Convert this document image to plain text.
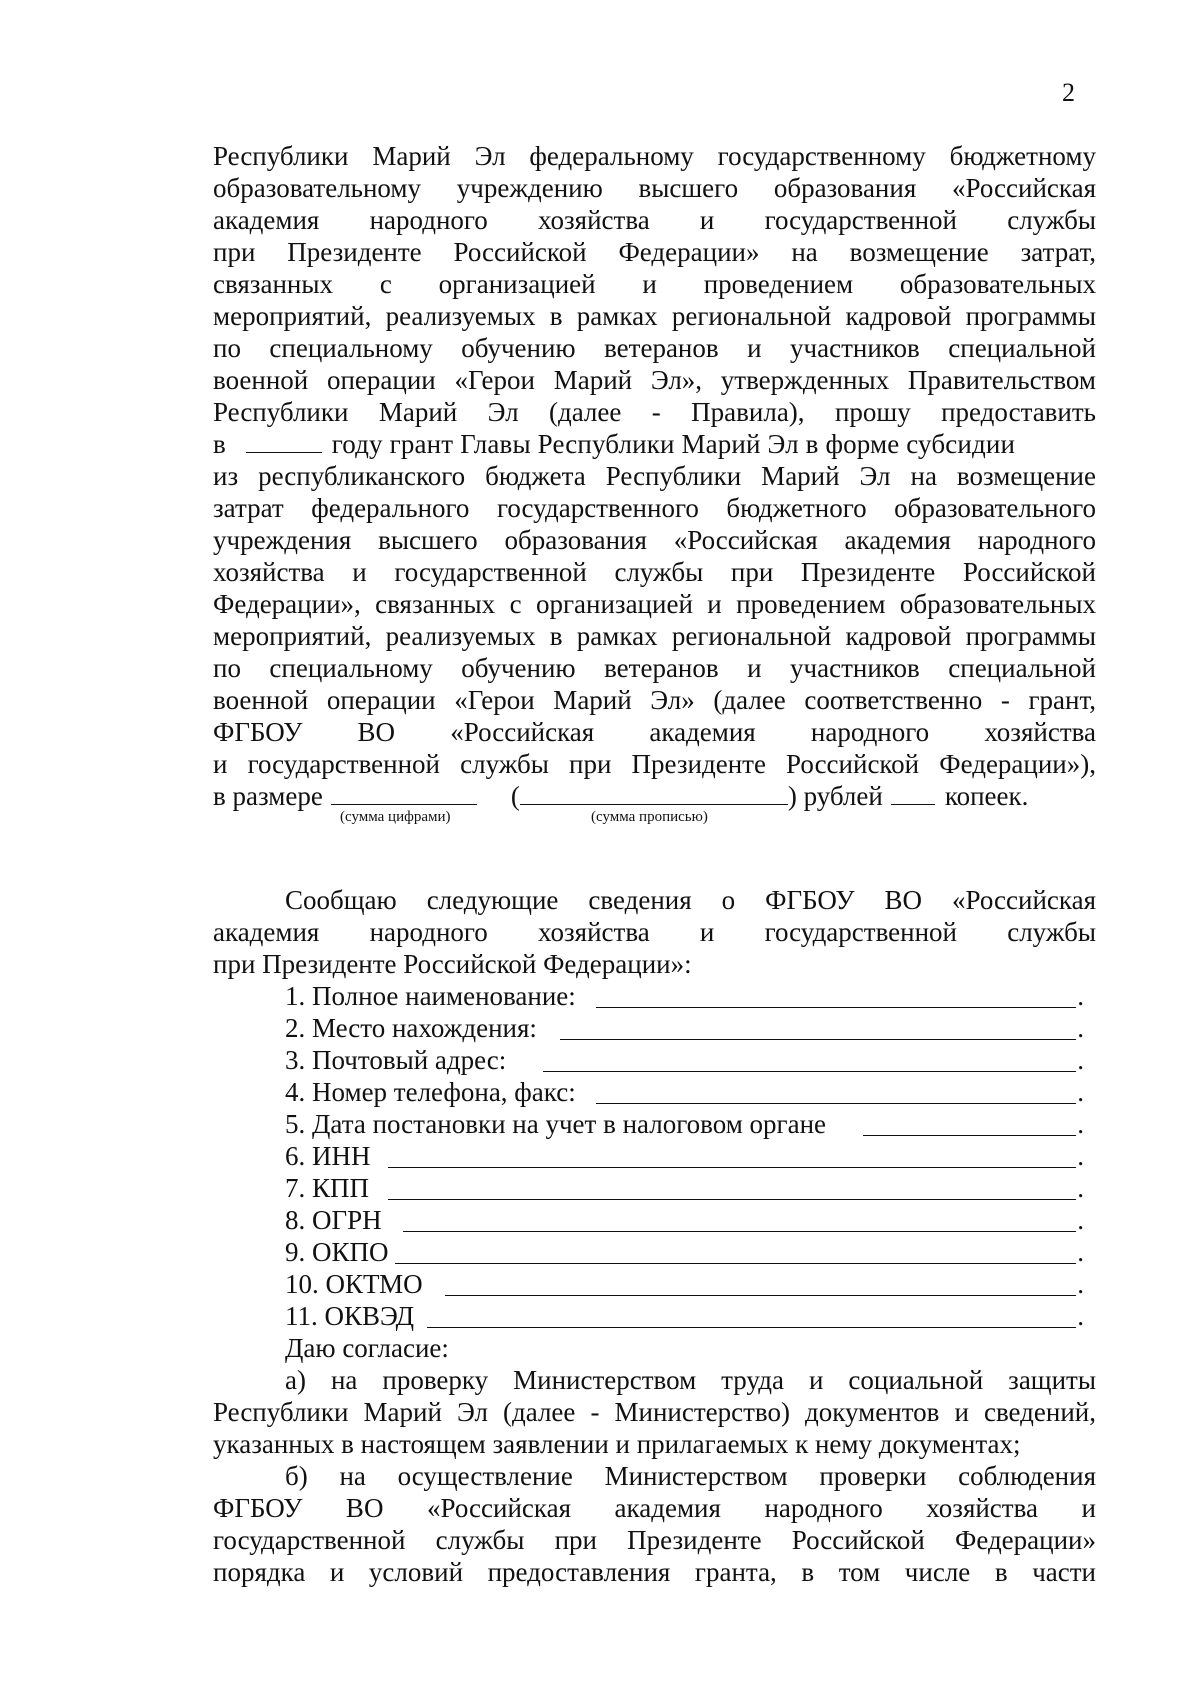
2
Республики Марий Эл федеральному государственному бюджетному
образовательному учреждению высшего образования «Российская
академия народного хозяйства и государственной службы
при Президенте Российской Федерации» на возмещение затрат,
связанных с организацией и проведением образовательных
мероприятий, реализуемых в рамках региональной кадровой программы
по специальному обучению ветеранов и участников специальной
военной операции «Герои Марий Эл», утвержденных Правительством
Республики Марий Эл (далее - Правила), прошу предоставить
в	году грант Главы Республики Марий Эл в форме субсидии
из республиканского бюджета Республики Марий Эл на возмещение
затрат федерального государственного бюджетного образовательного
учреждения высшего образования «Российская академия народного
хозяйства и государственной службы при Президенте Российской
Федерации», связанных с организацией и проведением образовательных
мероприятий, реализуемых в рамках региональной кадровой программы
по специальному обучению ветеранов и участников специальной
военной операции «Герои Марий Эл» (далее соответственно - грант,
ФГБОУ ВО «Российская академия народного хозяйства
и государственной службы при Президенте Российской Федерации»),
в размере	(	) рублей копеек.
(сумма цифрами)	(сумма прописью)
Сообщаю следующие сведения о ФГБОУ ВО «Российская
академия народного хозяйства и государственной службы
при Президенте Российской Федерации»:
1. Полное наименование:	.
2. Место нахождения:	.
3. Почтовый адрес:	.
4. Номер телефона, факс:	.
5. Дата постановки на учет в налоговом органе	.
6. ИНН	.
7. КПП	.
8. ОГРН	.
9. ОКПО	.
10. ОКТМО	.
11. ОКВЭД	.
Даю согласие:
а) на проверку Министерством труда и социальной защиты
Республики Марий Эл (далее - Министерство) документов и сведений,
указанных в настоящем заявлении и прилагаемых к нему документах;
б) на осуществление Министерством проверки соблюдения
ФГБОУ ВО «Российская академия народного хозяйства и
государственной службы при Президенте Российской Федерации»
порядка и условий предоставления гранта, в том числе в части
